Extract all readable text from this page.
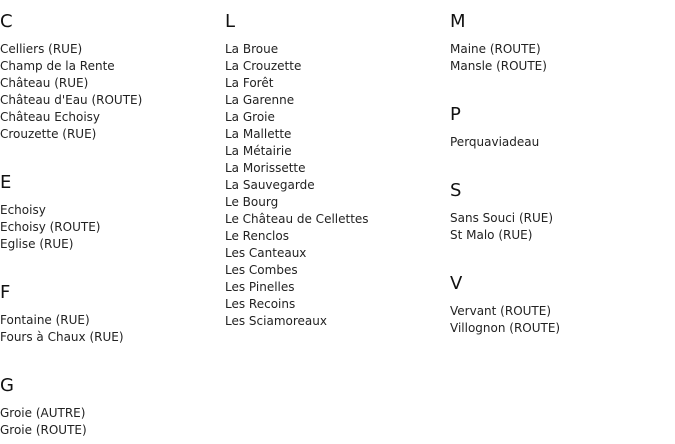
C
Celliers (RUE)
Champ de la Rente
Château (RUE)
Château d'Eau (ROUTE)
Château Echoisy
Crouzette (RUE)
E
Echoisy
Echoisy (ROUTE)
Eglise (RUE)
F
Fontaine (RUE)
Fours à Chaux (RUE)
G
Groie (AUTRE)
Groie (ROUTE)
L
La Broue
La Crouzette
La Forêt
La Garenne
La Groie
La Mallette
La Métairie
La Morissette
La Sauvegarde
Le Bourg
Le Château de Cellettes
Le Renclos
Les Canteaux
Les Combes
Les Pinelles
Les Recoins
Les Sciamoreaux
M
Maine (ROUTE)
Mansle (ROUTE)
P
Perquaviadeau
S
Sans Souci (RUE)
St Malo (RUE)
V
Vervant (ROUTE)
Villognon (ROUTE)
